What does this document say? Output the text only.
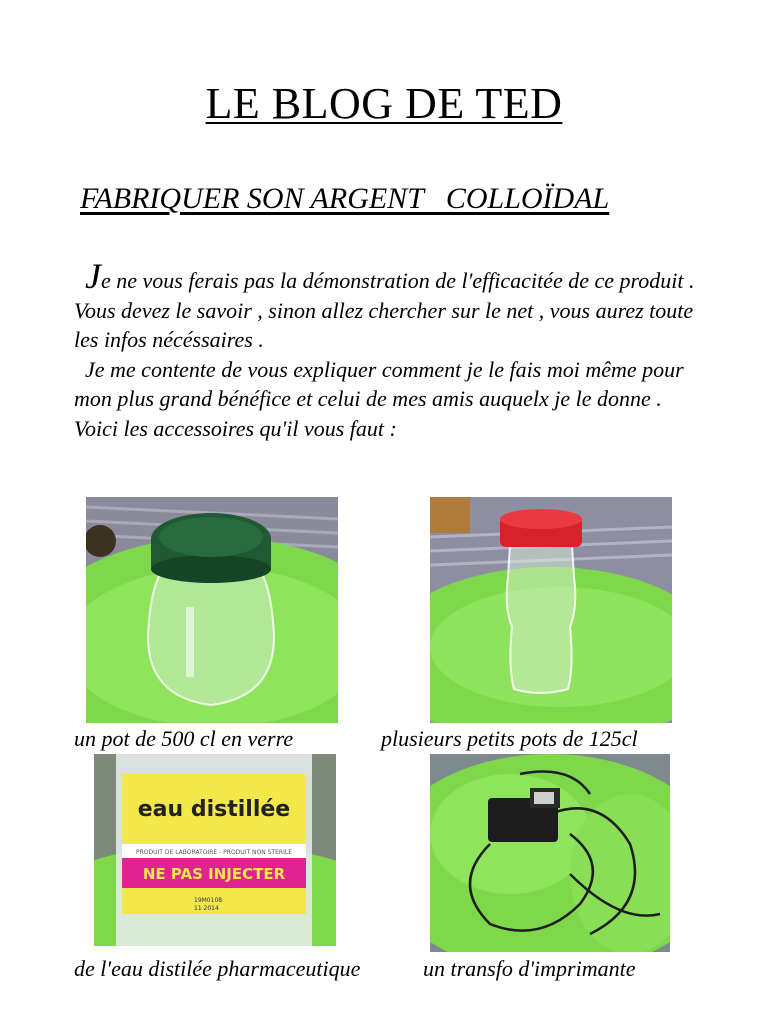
LE BLOG DE TED
FABRIQUER SON ARGENT   COLLOÏDAL

Je ne vous ferais pas la démonstration de l'efficacitée de ce produit . Vous devez le savoir , sinon allez chercher sur le net , vous aurez toute les infos nécéssaires .

Je me contente de vous expliquer comment je le fais moi même pour mon plus grand bénéfice et celui de mes amis auquelx je le donne .

Voici les accessoires qu'il vous faut :

eau distillée
PRODUIT DE LABORATOIRE - PRODUIT NON STERILE
NE PAS INJECTER
19M0108
11 2014
un pot de 500 cl en verre	plusieurs petits pots de 125cl
de l'eau distilée pharmaceutique	un transfo d'imprimante
